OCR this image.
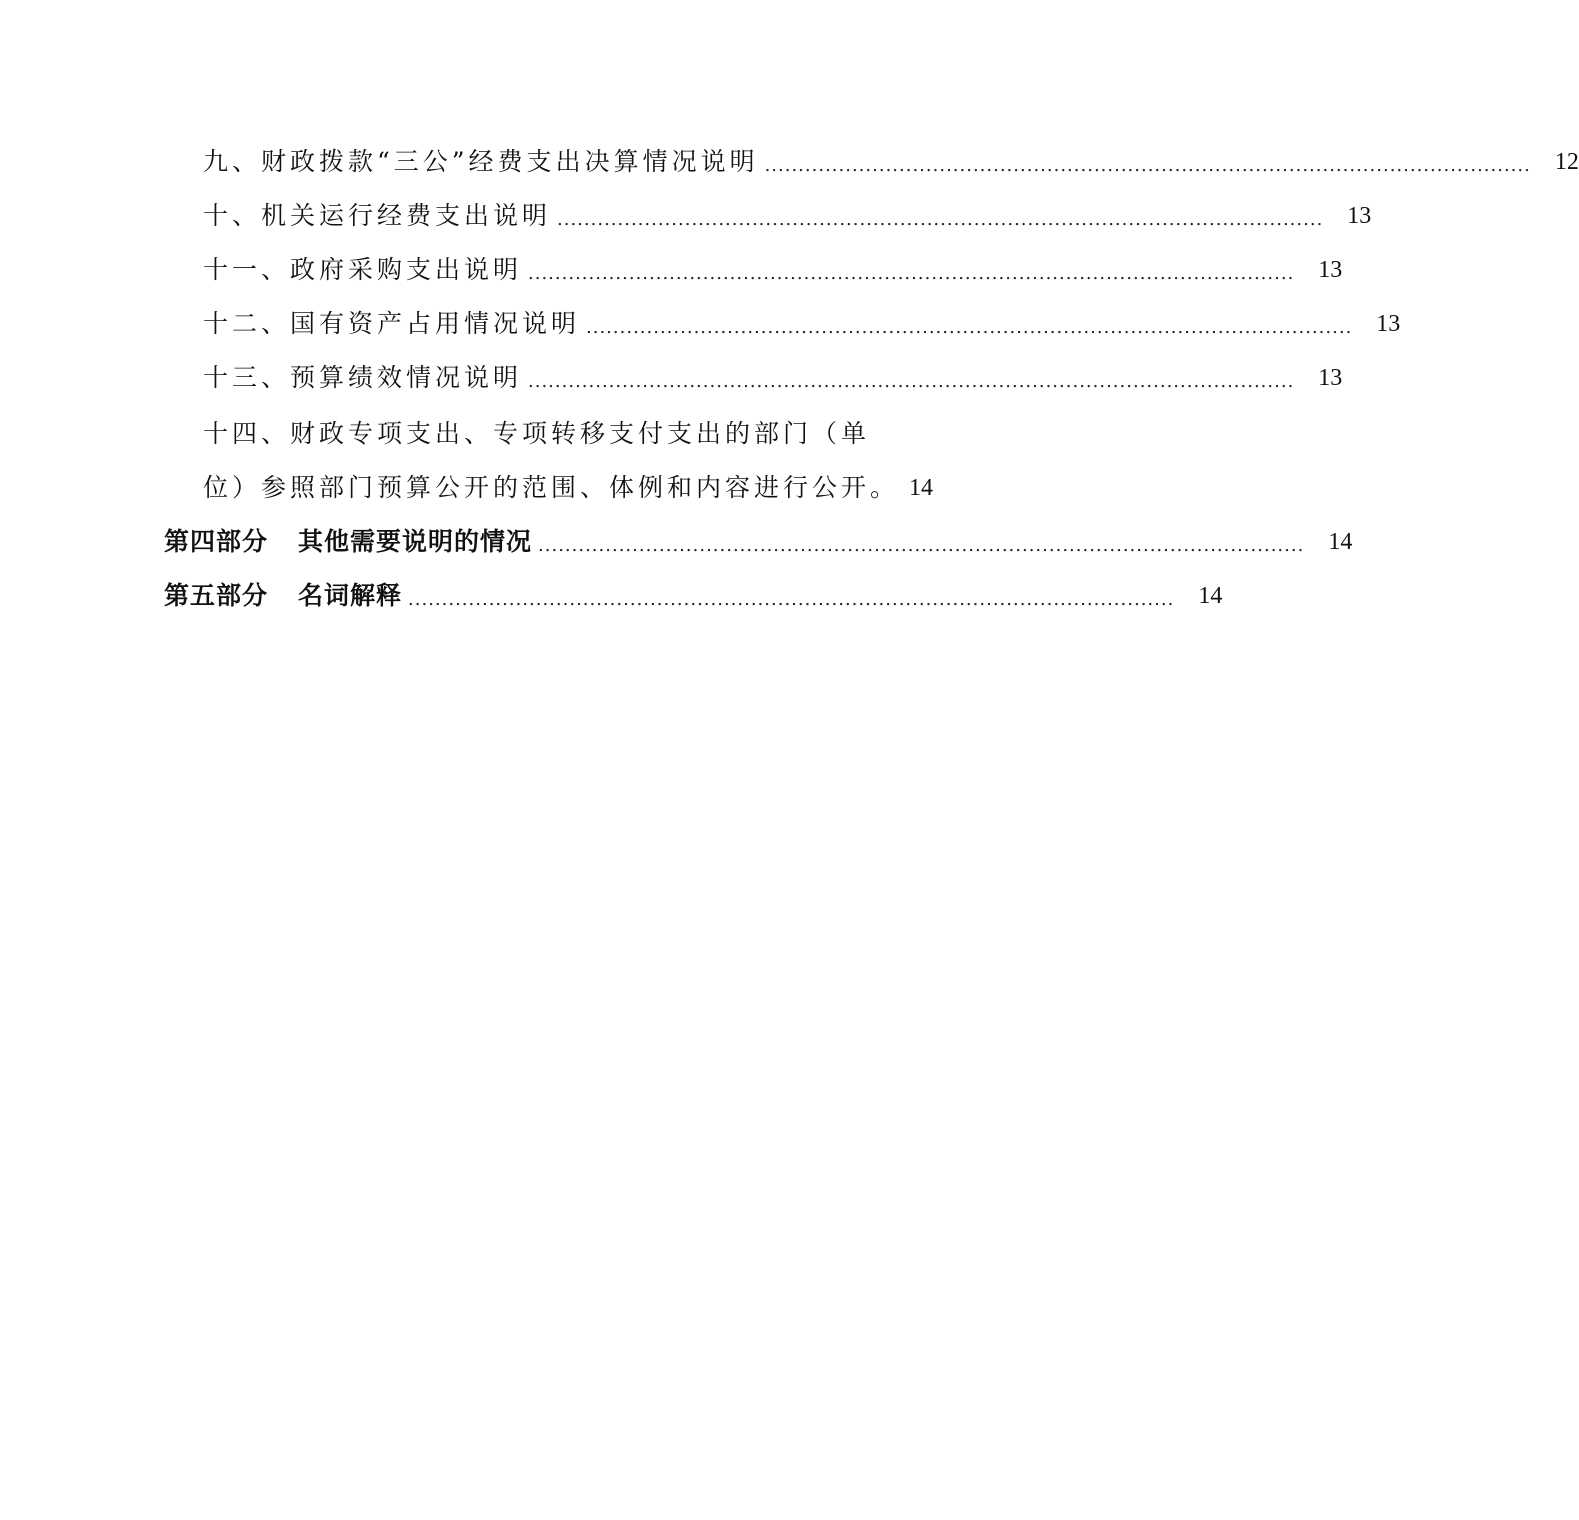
九、财政拨款“三公”经费支出决算情况说明 ..................................................................................................................	12
十、机关运行经费支出说明 ..................................................................................................................	13
十一、政府采购支出说明 ..................................................................................................................	13
十二、国有资产占用情况说明 ..................................................................................................................	13
十三、预算绩效情况说明 ..................................................................................................................	13
十四、财政专项支出、专项转移支付支出的部门（单
位）参照部门预算公开的范围、体例和内容进行公开。 14
第四部分 其他需要说明的情况 ..................................................................................................................	14
第五部分 名词解释 ..................................................................................................................	14
